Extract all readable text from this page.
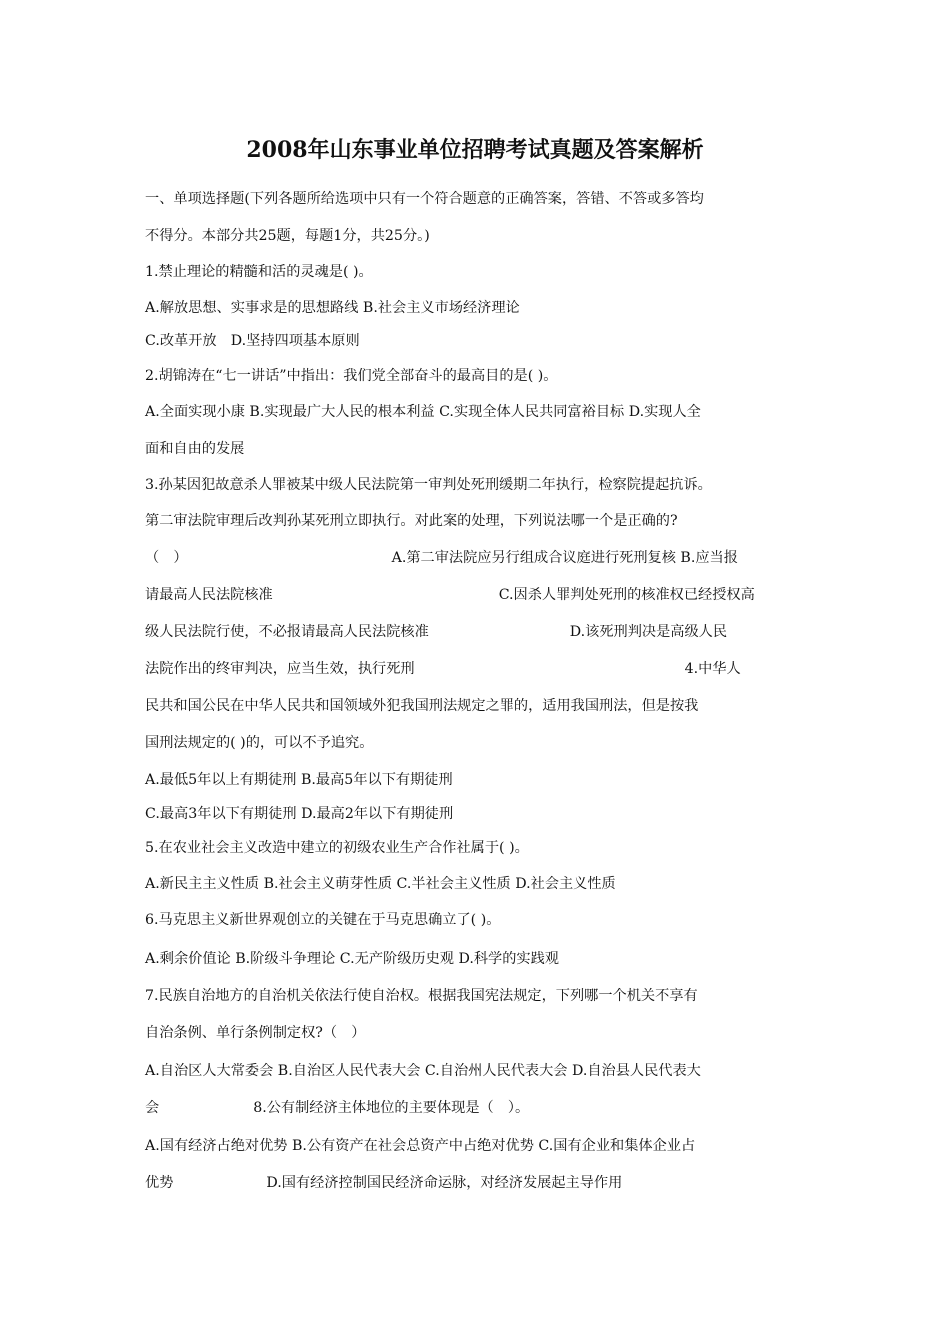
2008年山东事业单位招聘考试真题及答案解析
一、单项选择题(下列各题所给选项中只有一个符合题意的正确答案，答错、不答或多答均
不得分。本部分共25题，每题1分，共25分。)
1.禁止理论的精髓和活的灵魂是( )。
A.解放思想、实事求是的思想路线 B.社会主义市场经济理论
C.改革开放　D.坚持四项基本原则
2.胡锦涛在“七一讲话”中指出：我们党全部奋斗的最高目的是( )。
A.全面实现小康 B.实现最广大人民的根本利益 C.实现全体人民共同富裕目标 D.实现人全
面和自由的发展
3.孙某因犯故意杀人罪被某中级人民法院第一审判处死刑缓期二年执行，检察院提起抗诉。
第二审法院审理后改判孙某死刑立即执行。对此案的处理，下列说法哪一个是正确的?
（　）	A.第二审法院应另行组成合议庭进行死刑复核 B.应当报
请最高人民法院核准	C.因杀人罪判处死刑的核准权已经授权高
级人民法院行使，不必报请最高人民法院核准	D.该死刑判决是高级人民
法院作出的终审判决，应当生效，执行死刑	4.中华人
民共和国公民在中华人民共和国领域外犯我国刑法规定之罪的，适用我国刑法，但是按我
国刑法规定的( )的，可以不予追究。
A.最低5年以上有期徒刑 B.最高5年以下有期徒刑
C.最高3年以下有期徒刑 D.最高2年以下有期徒刑
5.在农业社会主义改造中建立的初级农业生产合作社属于( )。
A.新民主主义性质 B.社会主义萌芽性质 C.半社会主义性质 D.社会主义性质
6.马克思主义新世界观创立的关键在于马克思确立了( )。
A.剩余价值论 B.阶级斗争理论 C.无产阶级历史观 D.科学的实践观
7.民族自治地方的自治机关依法行使自治权。根据我国宪法规定，下列哪一个机关不享有
自治条例、单行条例制定权?（　）
A.自治区人大常委会 B.自治区人民代表大会 C.自治州人民代表大会 D.自治县人民代表大
会	8.公有制经济主体地位的主要体现是（　）。
A.国有经济占绝对优势 B.公有资产在社会总资产中占绝对优势 C.国有企业和集体企业占
优势	D.国有经济控制国民经济命运脉，对经济发展起主导作用
